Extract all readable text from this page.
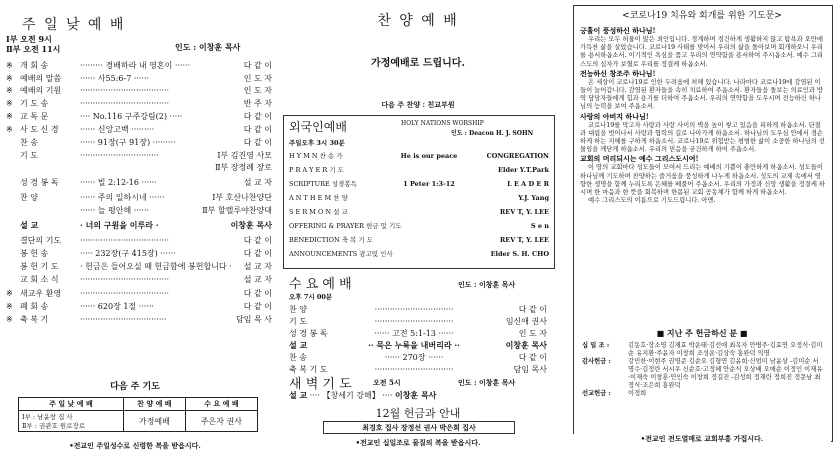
주 일 낮 예 배
Ⅰ부 오전 9시
Ⅱ부 오전 11시	인도 : 이창훈 목사
※ 개 회 송	········· 경배하라 내 영혼이 ······	다 같 이
※ 예배의 말씀 ······ 사55:6-7 ······	인 도 자
※ 예배의 기원 ···································	인 도 자
※ 기 도 송	···································	반 주 자
※ 교 독 문	···· No.116 구주강림(2) ·····	다 같 이
※ 사 도 신 경	······ 신앙고백 ·········	다 같 이
찬 송	······ 91장(구 91장) ·········	다 같 이
기 도	·······························	Ⅰ부 김진영 사모
Ⅱ부 장정례 장로
성 경 봉 독	······ 빌 2:12-16 ······	설 교 자
찬 양	······ 주의 일하시네 ······	Ⅰ부 호산나찬양단
······ 늘 평안해 ······	Ⅱ부 할렐루야찬양대
설 교	· 너의 구원을 이루라 ·	이창훈 목사
결단의 기도 ···································	다 같 이
봉 헌 송	····· 232장(구 415장) ······	다 같 이
봉 헌 기 도	· 헌금은 들어오실 때 헌금함에 봉헌합니다 · 설 교 자
교 회 소 식	···································	설 교 자
※ 새교우 환영 ···································	다 같 이
※ 폐 회 송	······ 620장 1절 ······	다 같 이
※ 축 복 기	··································	담임 목 사
다음 주 기도
주 일 낮 예 배	찬 양 예 배	수 요 예 배
Ⅰ부 : 남윤창 집 사
Ⅱ부 : 권관호 원로장로	가정예배	주은자 권사
•전교인 주일성수로 신령한 복을 받읍시다.
찬 양 예 배
가정예배로 드립니다.
다음 주 찬양 : 친교부원
외국인예배	HOLY NATIONS WORSHIP
인도 : Deacon H. J. SOHN
주일오후 3시 30분
H Y M N 찬 송 가	He is our peace	CONGREGATION
P R A Y E R 기 도	Elder Y.T.Park
SCRIPTURE 성경봉독	1 Peter 1:3-12	L E A D E R
A N T H E M 찬 양	Y.J. Yang
S E R M O N 설 교	REV T, Y. LEE
OFFERING & PRAYER 헌금 및 기도	S e n
BENEDICTION 축 복 기 도	REV T, Y. LEE
ANNOUNCEMENTS 광고및 인사	Elder S. H. CHO
수 요 예 배	인도 : 이창훈 목사
오후 7시 00분
찬 양	·······························	다 같 이
기 도	·······························	임신애 권사
성 경 봉 독	······ 고전 5:1-13 ······	인 도 자
설 교	·· 묵은 누룩을 내버리라 ··	이창훈 목사
찬 송	······ 270장 ······	다 같 이
축 복 기 도	·······························	담임 목사
새 벽 기 도	오전 5시	인도 : 이창훈 목사
설 교 ···· 【창세기 강해】 ···· 이창훈 목사
12월 헌금과 안내
최경호 집사 장정선 권사 박은희 집사
•전교인 십일조로 물질의 복을 받읍시다.
<코로나19 치유와 회개를 위한 기도문>
긍휼이 풍성하신 하나님!

우리는 모두 허물이 많은 죄인입니다. 경계하며 경건하게 생활하지 않고 탐욕과 오만에 가득찬 삶을 살았습니다. 코로나19 사태를 맞아서 우리의 삶을 돌아보며 회개하오니 우리를 용서하옵소서. 이기적인 욕심을 품고 우리의 연약함을 용서하여 주시옵소서. 예수 그리스도의 십자가 보혈로 우리를 정결케 하옵소서.

전능하신 창조주 하나님!

온 세상이 코로나19로 인한 두려움에 처해 있습니다. 나라마다 코로나19에 감염된 이들이 늘어갑니다. 감염된 환자들을 속히 치료하여 주옵소서. 환자들을 돌보는 의료인과 방역 담당자들에게 힘과 용기를 더하여 주옵소서. 우리의 연약함을 도우시며 전능하신 하나님의 능력을 보여 주옵소서.

사랑의 아버지 하나님!

코로나19를 막고자 사랑과 사랑 사이의 벽을 높이 쌓고 있음을 피하게 하옵소서. 단절과 대립을 벗어나서 사랑과 협력의 길로 나아가게 하옵소서. 하나님의 도우심 안에서 경손하게 하는 지혜를 구하게 하옵소서. 코로나19로 위험받는 평범한 삶이 소중한 하나님의 선물임을 깨닫게 하옵소서. 우리의 믿음을 굳건하게 하여 주옵소서.

교회의 머리되시는 예수 그리스도시여!

이 땅의 교회마다 성도들이 모여서 드리는 예배의 기쁨이 충만하게 하옵소서. 성도들이 하나님께 기도하며 찬양하는 즐거움을 풍성하게 나누게 하옵소서. 성도의 교제 속에서 영향한 생명을 함께 누리도록 은혜를 베풀어 주옵소서. 우리의 가정과 신앙 생활을 정결케 하시며 한 마음과 한 뜻을 회복하며 한몸된 교회 공동체가 함께 하게 하옵소서.

예수 그리스도의 이름으로 기도드립니다. 아멘.

■ 지난 주 헌금하신 분 ■
십 일 조 :	김동호·장소영 김재효 박운태·김선애 최옥자 안병주·김효연 오정식·김미순 유지환·주윤자 이창희 조성운·김상숙 홍완덕 익명
감사헌금 :	강민찬·이현주 권영준 김순오 김형연 김윤희·신엄미 남윤상 -김미순 서명수·김정란 서시우 신순호·고정혜 안순식 오상배 오애순 이정인 이재유·이재숙 이창훈·안인숙 이창희 정길진 -김성희 정재란 정희진 정문남 최정식·조은희 홍완덕
선교헌금 :	이정희
•전교인 전도열매로 교회부흥 가집시다.
